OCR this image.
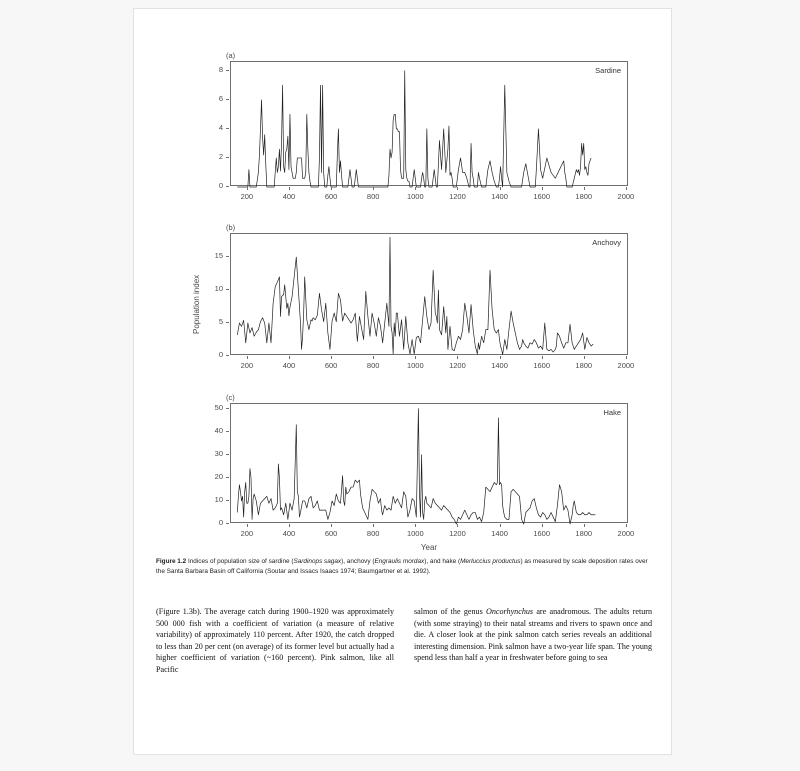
(a)
Sardine
0
2
4
6
8
200	400	600	800	1000	1200	1400	1600	1800	2000
(b)
Anchovy
Population index
0
5
10
15
200	400	600	800	1000	1200	1400	1600	1800	2000
(c)
Hake
0
10
20
30
40
50
200	400	600	800	1000	1200	1400	1600	1800	2000
Year
Figure 1.2 Indices of population size of sardine (Sardinops sagax), anchovy (Engraulis mordax), and hake (Merluccius productus) as measured by scale deposition rates over the Santa Barbara Basin off California (Soutar and Issacs Isaacs 1974; Baumgartner et al. 1992).

(Figure 1.3b). The average catch during 1900–1920 was approximately 500 000 fish with a coefficient of variation (a measure of relative variability) of approximately 110 percent. After 1920, the catch dropped to less than 20 per cent (on average) of its former level but actually had a higher coefficient of variation (~160 percent). Pink salmon, like all Pacific

salmon of the genus Oncorhynchus are anadromous. The adults return (with some straying) to their natal streams and rivers to spawn once and die. A closer look at the pink salmon catch series reveals an additional interesting dimension. Pink salmon have a two-year life span. The young spend less than half a year in freshwater before going to sea
